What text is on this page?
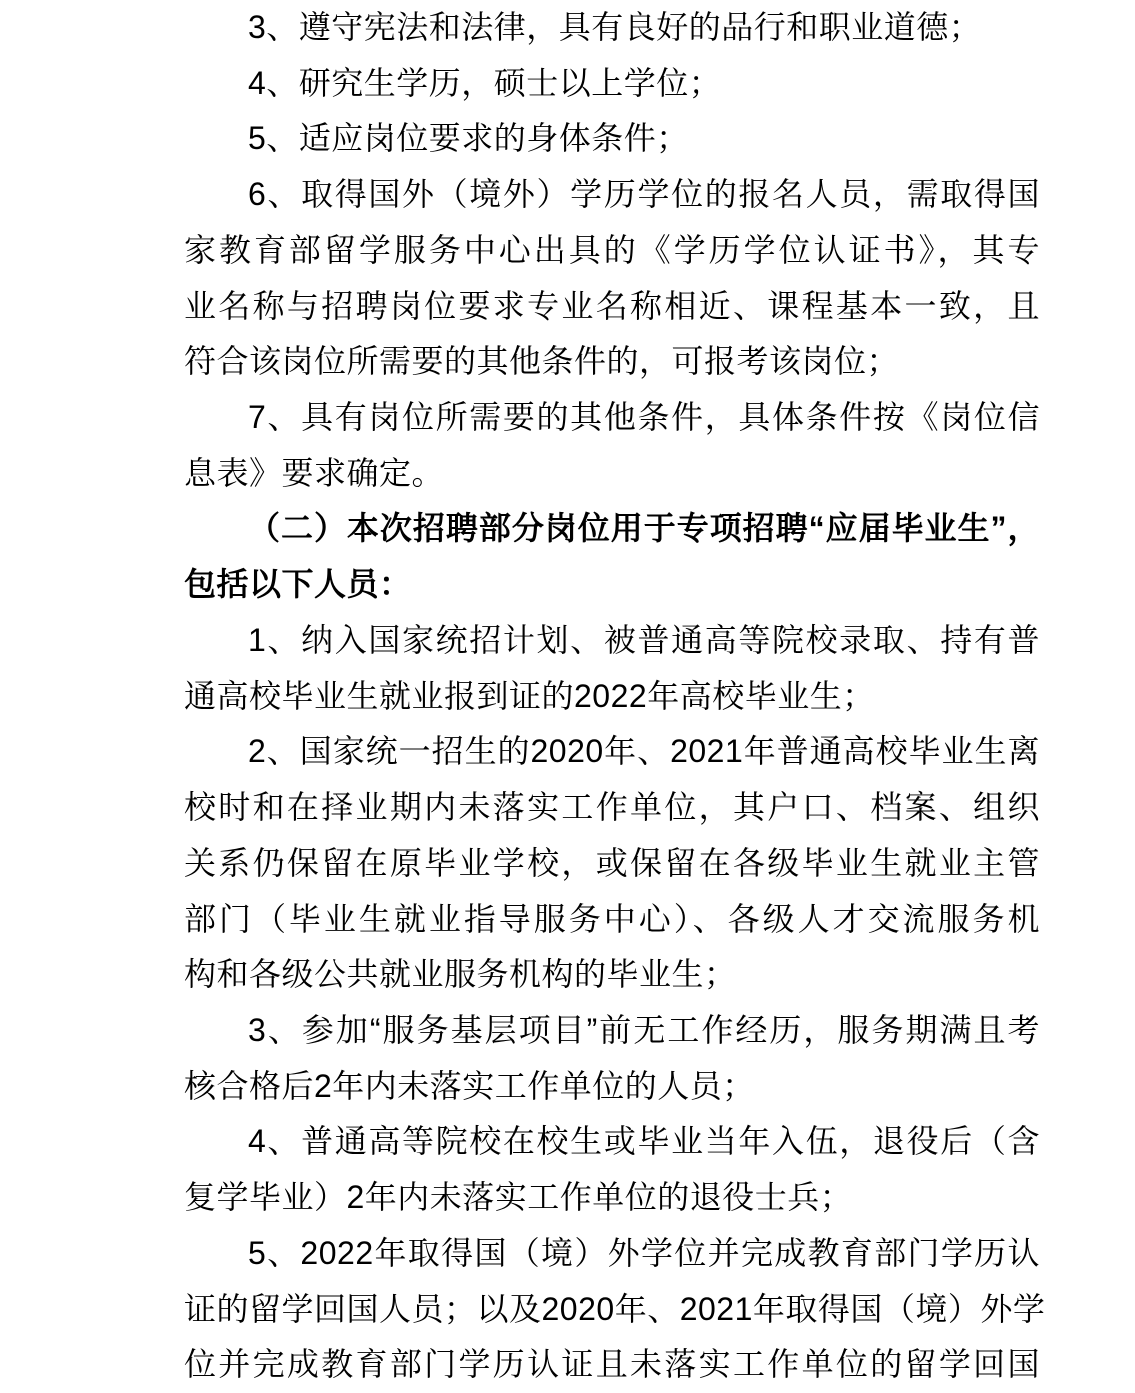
3、遵守宪法和法律，具有良好的品行和职业道德；
4、研究生学历，硕士以上学位；
5、适应岗位要求的身体条件；
6、取得国外（境外）学历学位的报名人员，需取得国
家教育部留学服务中心出具的《学历学位认证书》，其专
业名称与招聘岗位要求专业名称相近、课程基本一致，且
符合该岗位所需要的其他条件的，可报考该岗位；
7、具有岗位所需要的其他条件，具体条件按《岗位信
息表》要求确定。
（二）本次招聘部分岗位用于专项招聘“应届毕业生”，
包括以下人员：
1、纳入国家统招计划、被普通高等院校录取、持有普
通高校毕业生就业报到证的2022年高校毕业生；
2、国家统一招生的2020年、2021年普通高校毕业生离
校时和在择业期内未落实工作单位，其户口、档案、组织
关系仍保留在原毕业学校，或保留在各级毕业生就业主管
部门（毕业生就业指导服务中心）、各级人才交流服务机
构和各级公共就业服务机构的毕业生；
3、参加“服务基层项目”前无工作经历，服务期满且考
核合格后2年内未落实工作单位的人员；
4、普通高等院校在校生或毕业当年入伍，退役后（含
复学毕业）2年内未落实工作单位的退役士兵；
5、2022年取得国（境）外学位并完成教育部门学历认
证的留学回国人员；以及2020年、2021年取得国（境）外学
位并完成教育部门学历认证且未落实工作单位的留学回国
